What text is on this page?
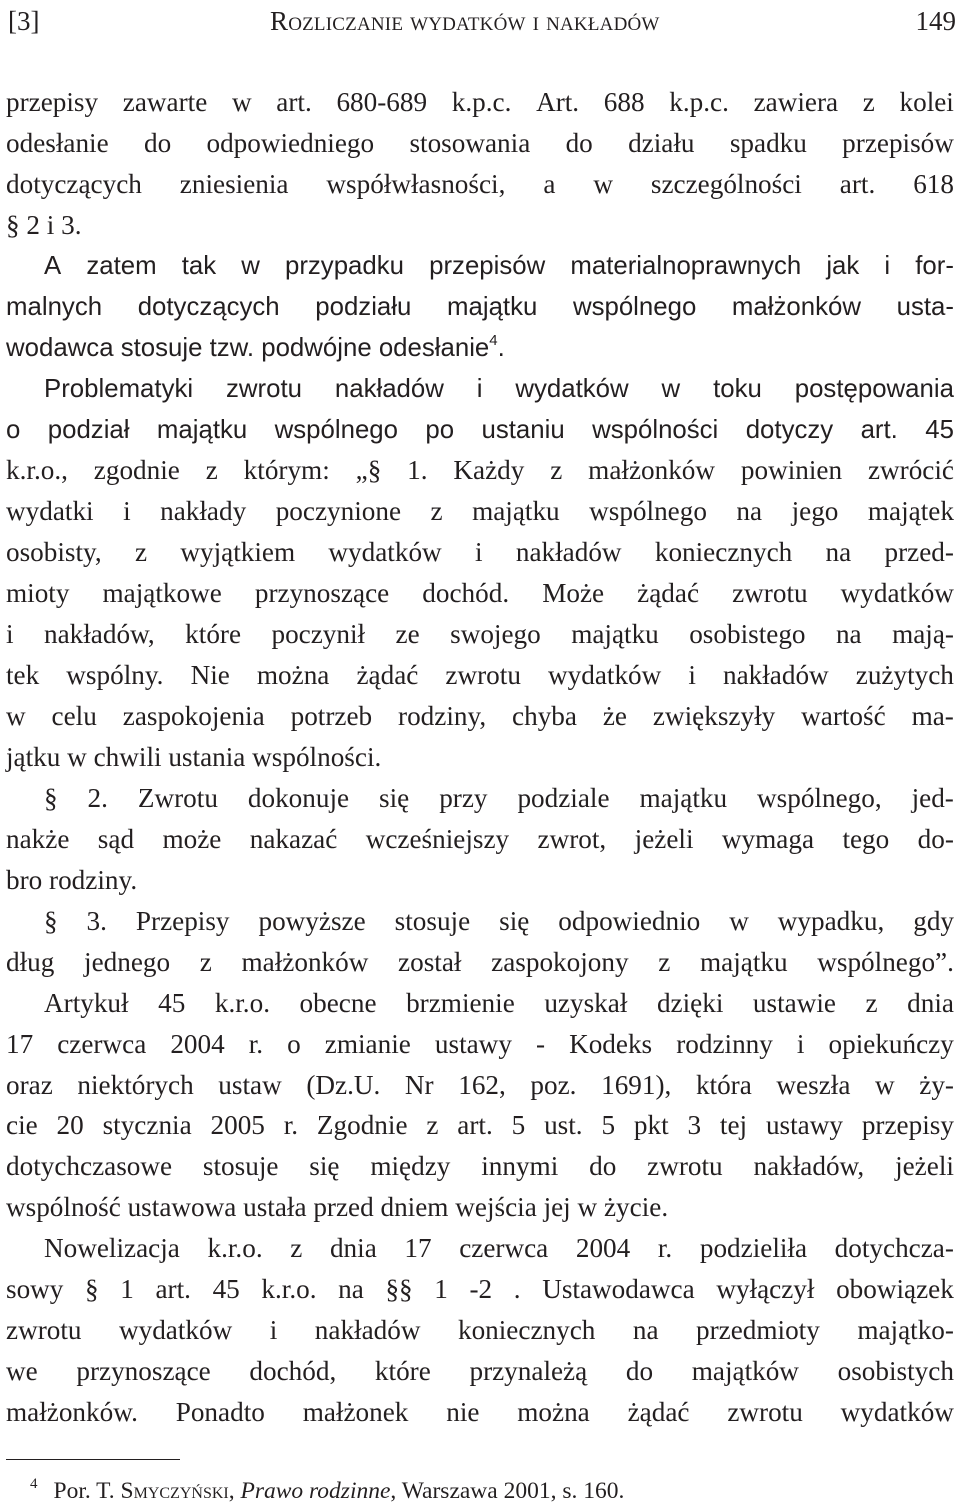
[3]	Rozliczanie wydatków i nakładów	149
przepisy zawarte w art. 680-689 k.p.c. Art. 688 k.p.c. zawiera z kolei
odesłanie do odpowiedniego stosowania do działu spadku przepisów
dotyczących zniesienia współwłasności, a w szczególności art. 618
§ 2 i 3.
A zatem tak w przypadku przepisów materialnoprawnych jak i for-
malnych dotyczących podziału majątku wspólnego małżonków usta-
wodawca stosuje tzw. podwójne odesłanie$^4$.
Problematyki zwrotu nakładów i wydatków w toku postępowania
o podział majątku wspólnego po ustaniu wspólności dotyczy art. 45
k.r.o., zgodnie z którym: „§ 1. Każdy z małżonków powinien zwrócić
wydatki i nakłady poczynione z majątku wspólnego na jego majątek
osobisty, z wyjątkiem wydatków i nakładów koniecznych na przed-
mioty majątkowe przynoszące dochód. Może żądać zwrotu wydatków
i nakładów, które poczynił ze swojego majątku osobistego na mają-
tek wspólny. Nie można żądać zwrotu wydatków i nakładów zużytych
w celu zaspokojenia potrzeb rodziny, chyba że zwiększyły wartość ma-
jątku w chwili ustania wspólności.
§ 2. Zwrotu dokonuje się przy podziale majątku wspólnego, jed-
nakże sąd może nakazać wcześniejszy zwrot, jeżeli wymaga tego do-
bro rodziny.
§ 3. Przepisy powyższe stosuje się odpowiednio w wypadku, gdy
dług jednego z małżonków został zaspokojony z majątku wspólnego”.
Artykuł 45 k.r.o. obecne brzmienie uzyskał dzięki ustawie z dnia
17 czerwca 2004 r. o zmianie ustawy - Kodeks rodzinny i opiekuńczy
oraz niektórych ustaw (Dz.U. Nr 162, poz. 1691), która weszła w ży-
cie 20 stycznia 2005 r. Zgodnie z art. 5 ust. 5 pkt 3 tej ustawy przepisy
dotychczasowe stosuje się między innymi do zwrotu nakładów, jeżeli
wspólność ustawowa ustała przed dniem wejścia jej w życie.
Nowelizacja k.r.o. z dnia 17 czerwca 2004 r. podzieliła dotychcza-
sowy § 1 art. 45 k.r.o. na §§ 1 -2 . Ustawodawca wyłączył obowiązek
zwrotu wydatków i nakładów koniecznych na przedmioty majątko-
we przynoszące dochód, które przynależą do majątków osobistych
małżonków. Ponadto małżonek nie można żądać zwrotu wydatków
$^4$ Por. T. Smyczyński, Prawo rodzinne, Warszawa 2001, s. 160.
